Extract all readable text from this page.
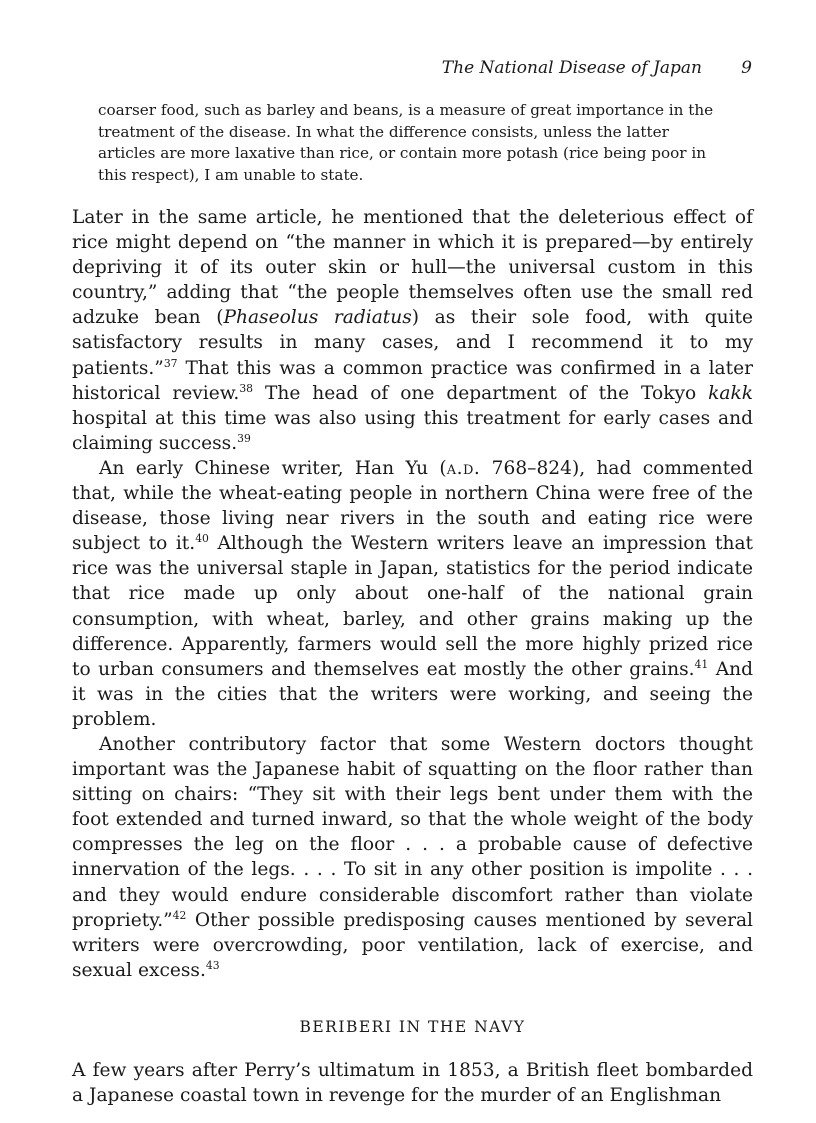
The National Disease of Japan 9
coarser food, such as barley and beans, is a measure of great importance in the treatment of the disease. In what the difference consists, unless the latter articles are more laxative than rice, or contain more potash (rice being poor in this respect), I am unable to state.

Later in the same article, he mentioned that the deleterious effect of rice might depend on “the manner in which it is prepared—by entirely depriving it of its outer skin or hull—the universal custom in this country,” adding that “the people themselves often use the small red adzuke bean (Phaseolus radiatus) as their sole food, with quite satisfactory results in many cases, and I recommend it to my patients.”$^{37}$ That this was a common practice was confirmed in a later historical review.$^{38}$ The head of one department of the Tokyo kakk hospital at this time was also using this treatment for early cases and claiming success.$^{39}$

An early Chinese writer, Han Yu (a.d. 768–824), had commented that, while the wheat-eating people in northern China were free of the disease, those living near rivers in the south and eating rice were subject to it.$^{40}$ Although the Western writers leave an impression that rice was the universal staple in Japan, statistics for the period indicate that rice made up only about one-half of the national grain consumption, with wheat, barley, and other grains making up the difference. Apparently, farmers would sell the more highly prized rice to urban consumers and themselves eat mostly the other grains.$^{41}$ And it was in the cities that the writers were working, and seeing the problem.

Another contributory factor that some Western doctors thought important was the Japanese habit of squatting on the floor rather than sitting on chairs: “They sit with their legs bent under them with the foot extended and turned inward, so that the whole weight of the body compresses the leg on the floor . . . a probable cause of defective innervation of the legs. . . . To sit in any other position is impolite . . . and they would endure considerable discomfort rather than violate propriety.”$^{42}$ Other possible predisposing causes mentioned by several writers were overcrowding, poor ventilation, lack of exercise, and sexual excess.$^{43}$

BERIBERI IN THE NAVY

A few years after Perry’s ultimatum in 1853, a British fleet bombarded a Japanese coastal town in revenge for the murder of an Englishman
